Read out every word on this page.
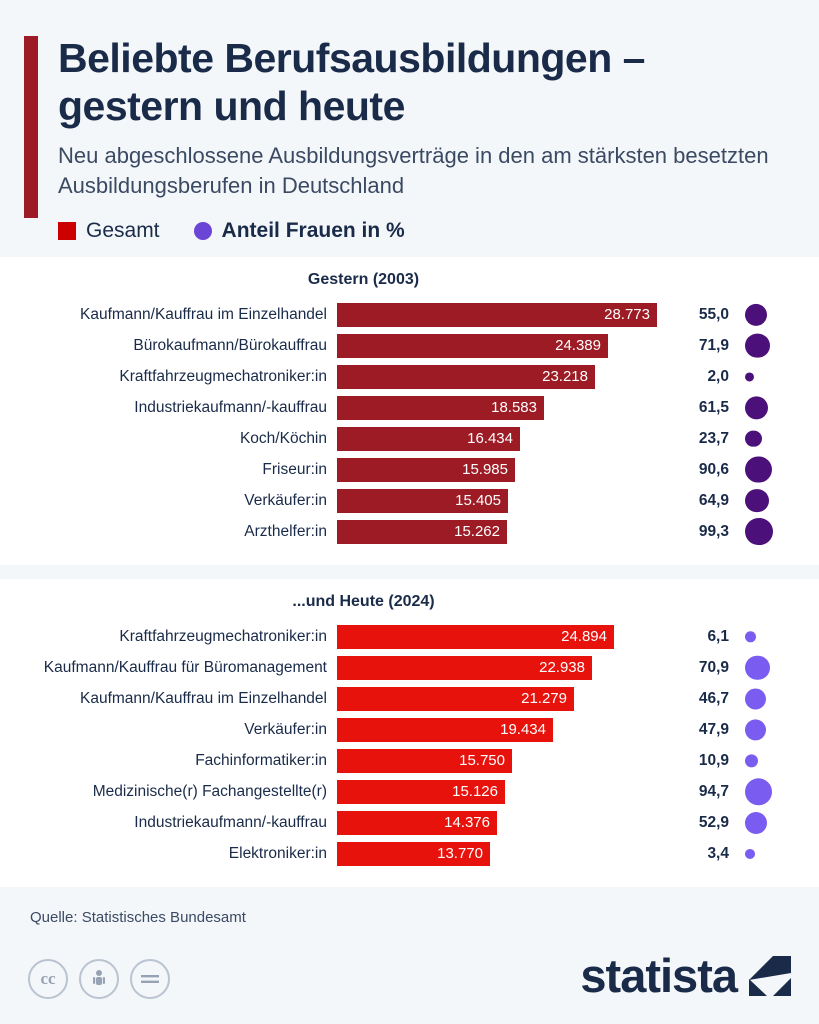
Beliebte Berufsausbildungen – gestern und heute
Neu abgeschlossene Ausbildungsverträge in den am stärksten besetzten Ausbildungsberufen in Deutschland
Gesamt	Anteil Frauen in %
Gestern (2003)
Kaufmann/Kauffrau im Einzelhandel	28.773	55,0
Bürokaufmann/Bürokauffrau	24.389	71,9
Kraftfahrzeugmechatroniker:in	23.218	2,0
Industriekaufmann/-kauffrau	18.583	61,5
Koch/Köchin	16.434	23,7
Friseur:in	15.985	90,6
Verkäufer:in	15.405	64,9
Arzthelfer:in	15.262	99,3
...und Heute (2024)
Kraftfahrzeugmechatroniker:in	24.894	6,1
Kaufmann/Kauffrau für Büromanagement	22.938	70,9
Kaufmann/Kauffrau im Einzelhandel	21.279	46,7
Verkäufer:in	19.434	47,9
Fachinformatiker:in	15.750	10,9
Medizinische(r) Fachangestellte(r)	15.126	94,7
Industriekaufmann/-kauffrau	14.376	52,9
Elektroniker:in	13.770	3,4
Quelle: Statistisches Bundesamt
cc	statista
